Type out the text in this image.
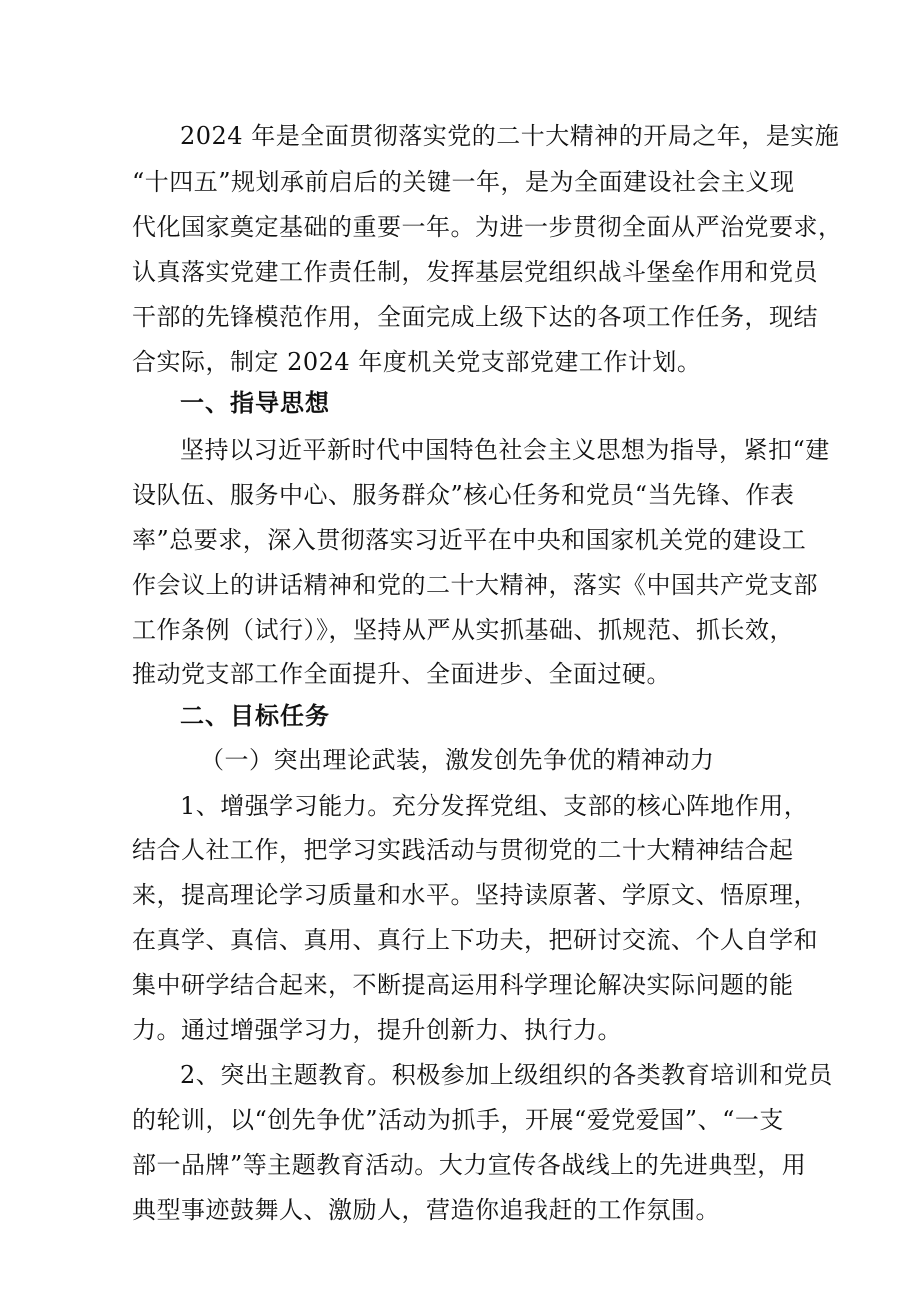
2024 年是全面贯彻落实党的二十大精神的开局之年，是实施
“十四五”规划承前启后的关键一年，是为全面建设社会主义现
代化国家奠定基础的重要一年。为进一步贯彻全面从严治党要求，
认真落实党建工作责任制，发挥基层党组织战斗堡垒作用和党员
干部的先锋模范作用，全面完成上级下达的各项工作任务，现结
合实际，制定 2024 年度机关党支部党建工作计划。
一、指导思想
坚持以习近平新时代中国特色社会主义思想为指导，紧扣“建
设队伍、服务中心、服务群众”核心任务和党员“当先锋、作表
率”总要求，深入贯彻落实习近平在中央和国家机关党的建设工
作会议上的讲话精神和党的二十大精神，落实《中国共产党支部
工作条例（试行）》，坚持从严从实抓基础、抓规范、抓长效，
推动党支部工作全面提升、全面进步、全面过硬。
二、目标任务
（一）突出理论武装，激发创先争优的精神动力
1、增强学习能力。充分发挥党组、支部的核心阵地作用，
结合人社工作，把学习实践活动与贯彻党的二十大精神结合起
来，提高理论学习质量和水平。坚持读原著、学原文、悟原理，
在真学、真信、真用、真行上下功夫，把研讨交流、个人自学和
集中研学结合起来，不断提高运用科学理论解决实际问题的能
力。通过增强学习力，提升创新力、执行力。
2、突出主题教育。积极参加上级组织的各类教育培训和党员
的轮训，以“创先争优”活动为抓手，开展“爱党爱国”、“一支
部一品牌”等主题教育活动。大力宣传各战线上的先进典型，用
典型事迹鼓舞人、激励人，营造你追我赶的工作氛围。
